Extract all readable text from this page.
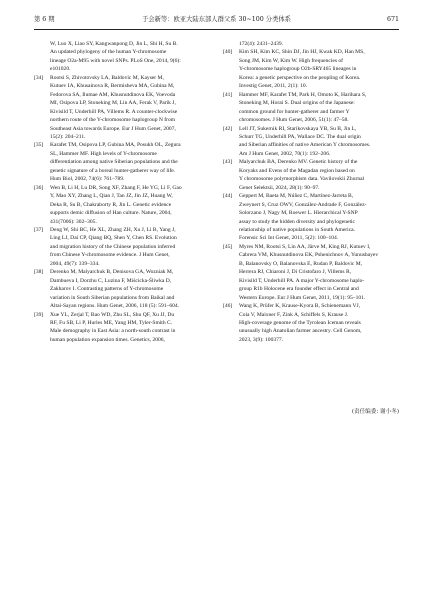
第 6 期	于会新等：欧亚大陆东部人群父系 30~100 分类体系	671
W, Luo X, Liao SY, Kangwanpong D, Jin L, Shi H, Su B.
An updated phylogeny of the human Y-chromosome
lineage O2a-M95 with novel SNPs. PLoS One, 2014, 9(6):
e101020.
[34]	Rootsi S, Zhivotovsky LA, Baldovic M, Kayser M,
Kutuev IA, Khusainova R, Bermisheva MA, Gubina M,
Fedorova SA, Ilumae AM, Khusnutdinova EK, Voevoda
MI, Osipova LP, Stoneking M, Lin AA, Ferak V, Parik J,
Kivisild T, Underhill PA, Villems R. A counter-clockwise
northern route of the Y-chromosome haplogroup N from
Southeast Asia towards Europe. Eur J Hum Genet, 2007,
15(2): 204–211.
[35]	Karafet TM, Osipova LP, Gubina MA, Posukh OL, Zegura
SL, Hammer MF. High levels of Y-chromosome
differentiation among native Siberian populations and the
genetic signature of a boreal hunter-gatherer way of life.
Hum Biol, 2002, 74(6): 761–789.
[36]	Wen B, Li H, Lu DR, Song XF, Zhang F, He YG, Li F, Gao
Y, Mao XY, Zhang L, Qian J, Tan JZ, Jin JZ, Huang W,
Deka R, Su B, Chakraborty R, Jin L. Genetic evidence
supports demic diffusion of Han culture. Nature, 2004,
431(7006): 302–305.
[37]	Deng W, Shi BC, He XL, Zhang ZH, Xu J, Li B, Yang J,
Ling LJ, Dai CP, Qiang BQ, Shen Y, Chen RS. Evolution
and migration history of the Chinese population inferred
from Chinese Y-chromosome evidence. J Hum Genet,
2004, 49(7): 339–334.
[38]	Derenko M, Malyarchuk B, Denisova GA, Wozniak M,
Dambueva I, Dorzhu C, Luzina F, Miścicka-Śliwka D,
Zakharov I. Contrasting patterns of Y-chromosome
variation in South Siberian populations from Baikal and
Altai-Sayan regions. Hum Genet, 2006, 118 (5): 591–604.
[39]	Xue YL, Zerjal T, Bao WD, Zhu SL, Shu QF, Xu JJ, Du
RF, Fu SB, Li P, Hurles ME, Yang HM, Tyler-Smith C.
Male demography in East Asia: a north-south contrast in
human population expansion times. Genetics, 2006,
172(4): 2431–2439.
[40]	Kim SH, Kim KC, Shin DJ, Jin HJ, Kwak KD, Han MS,
Song JM, Kim W, Kim W. High frequencies of
Y-chromosome haplogroup O2b-SRY465 lineages in
Korea: a genetic perspective on the peopling of Korea.
Investig Genet, 2011, 2(1): 10.
[41]	Hammer MF, Karafet TM, Park H, Omoto K, Harihara S,
Stoneking M, Horai S. Dual origins of the Japanese:
common ground for hunter-gatherer and farmer Y
chromosomes. J Hum Genet, 2006, 51(1): 47–58.
[42]	Lell JT, Sukernik RI, Starikovskaya YB, Su B, Jin L,
Schurr TG, Underhill PA, Wallace DC. The dual origin
and Siberian affinities of native American Y chromosomes.
Am J Hum Genet, 2002, 70(1): 192–206.
[43]	Malyarchuk BA, Derenko MV. Genetic history of the
Koryaks and Evens of the Magadan region based on
Y chromosome polymorphism data. Vavilovskii Zhurnal
Genet Selektsii, 2024, 28(1): 90–97.
[44]	Geppert M, Baeta M, Núñez C, Martínez-Jarreta B,
Zweynert S, Cruz OWV, González-Andrade F, González-
Solorzano J, Nagy M, Roewer L. Hierarchical Y-SNP
assay to study the hidden diversity and phylogenetic
relationship of native populations in South America.
Forensic Sci Int Genet, 2011, 5(2): 100–104.
[45]	Myres NM, Rootsi S, Lin AA, Järve M, King RJ, Kutuev I,
Cabrera VM, Khusnutdinova EK, Pshenichnov A, Yunusbayev
B, Balanovsky O, Balanovska E, Rudan P, Baldovic M,
Herrera RJ, Chiaroni J, Di Cristofaro J, Villems R,
Kivisild T, Underhill PA. A major Y-chromosome haplo-
group R1b Holocene era founder effect in Central and
Western Europe. Eur J Hum Genet, 2011, 19(1): 95–101.
[46]	Wang K, Prüfer K, Krause-Kyora B, Schienemann VJ,
Coia V, Maixner F, Zink A, Schiffels S, Krause J.
High-coverage genome of the Tyrolean Iceman reveals
unusually high Anatolian farmer ancestry. Cell Genom,
2023, 3(9): 100377.
(责任编委: 谢小冬)
